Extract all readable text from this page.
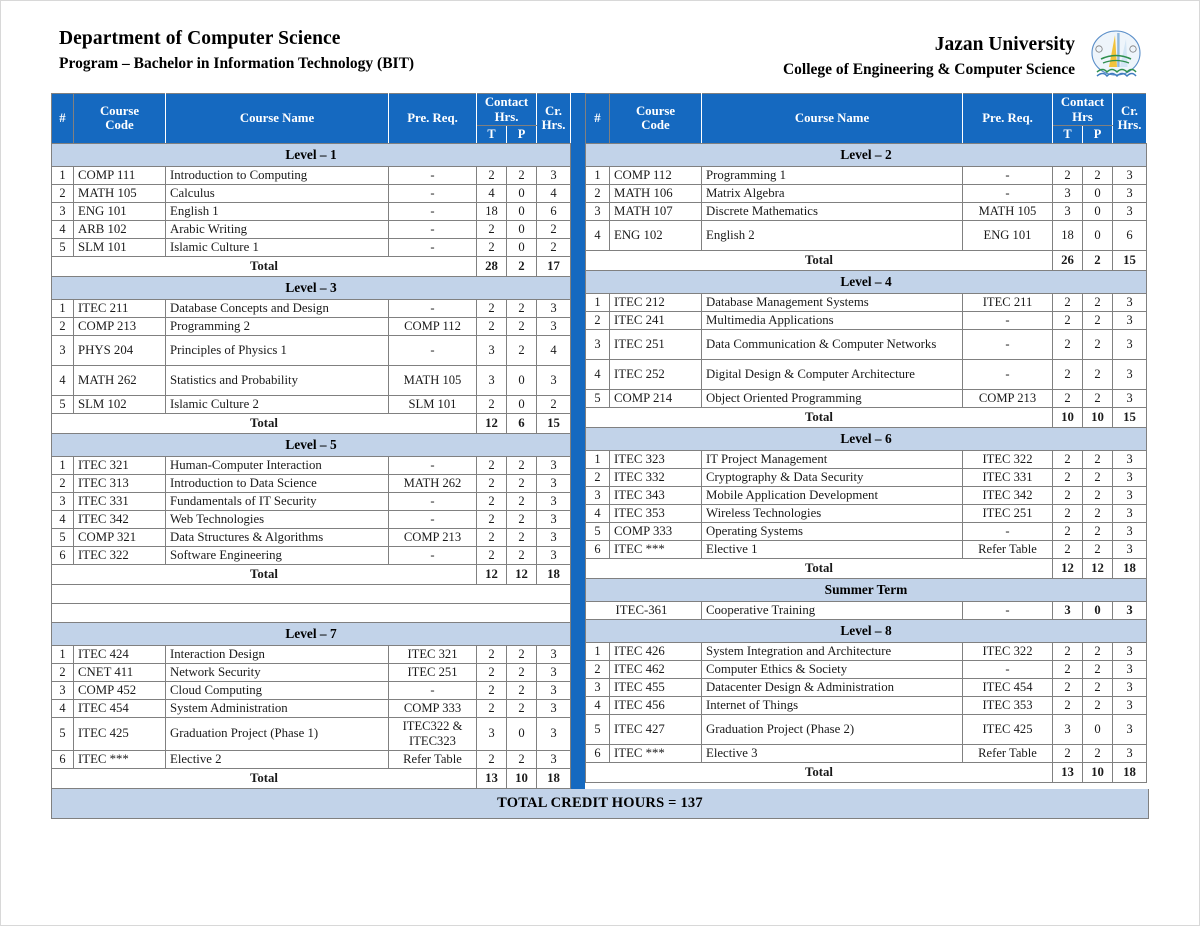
Department of Computer Science
Program – Bachelor in Information Technology (BIT)
Jazan University
College of Engineering & Computer Science
#	Course
Code	Course Name	Pre. Req.	Contact
Hrs.		Cr.
Hrs.
				T	P	
Level – 1						
1	COMP 111	Introduction to Computing	-	2	2	3
2	MATH 105	Calculus	-	4	0	4
3	ENG 101	English 1	-	18	0	6
4	ARB 102	Arabic Writing	-	2	0	2
5	SLM 101	Islamic Culture 1	-	2	0	2
Total				28	2	17
Level – 3						
1	ITEC 211	Database Concepts and Design	-	2	2	3
2	COMP 213	Programming 2	COMP 112	2	2	3
3	PHYS 204	Principles of Physics 1	-	3	2	4
4	MATH 262	Statistics and Probability	MATH 105	3	0	3
5	SLM 102	Islamic Culture 2	SLM 101	2	0	2
Total				12	6	15
Level – 5						
1	ITEC 321	Human-Computer Interaction	-	2	2	3
2	ITEC 313	Introduction to Data Science	MATH 262	2	2	3
3	ITEC 331	Fundamentals of IT Security	-	2	2	3
4	ITEC 342	Web Technologies	-	2	2	3
5	COMP 321	Data Structures & Algorithms	COMP 213	2	2	3
6	ITEC 322	Software Engineering	-	2	2	3
Total				12	12	18

Level – 7						
1	ITEC 424	Interaction Design	ITEC 321	2	2	3
2	CNET 411	Network Security	ITEC 251	2	2	3
3	COMP 452	Cloud Computing	-	2	2	3
4	ITEC 454	System Administration	COMP 333	2	2	3
5	ITEC 425	Graduation Project (Phase 1)	ITEC322 & ITEC323	3	0	3
6	ITEC ***	Elective 2	Refer Table	2	2	3
Total				13	10	18
#	Course
Code	Course Name	Pre. Req.	Contact
Hrs		Cr.
Hrs.
				T	P	
Level – 2						
1	COMP 112	Programming 1	-	2	2	3
2	MATH 106	Matrix Algebra	-	3	0	3
3	MATH 107	Discrete Mathematics	MATH 105	3	0	3
4	ENG 102	English 2	ENG 101	18	0	6
Total				26	2	15
Level – 4						
1	ITEC 212	Database Management Systems	ITEC 211	2	2	3
2	ITEC 241	Multimedia Applications	-	2	2	3
3	ITEC 251	Data Communication & Computer Networks	-	2	2	3
4	ITEC 252	Digital Design & Computer Architecture	-	2	2	3
5	COMP 214	Object Oriented Programming	COMP 213	2	2	3
Total				10	10	15
Level – 6						
1	ITEC 323	IT Project Management	ITEC 322	2	2	3
2	ITEC 332	Cryptography & Data Security	ITEC 331	2	2	3
3	ITEC 343	Mobile Application Development	ITEC 342	2	2	3
4	ITEC 353	Wireless Technologies	ITEC 251	2	2	3
5	COMP 333	Operating Systems	-	2	2	3
6	ITEC ***	Elective 1	Refer Table	2	2	3
Total				12	12	18
Summer Term						
ITEC-361		Cooperative Training	-	3	0	3
Level – 8						
1	ITEC 426	System Integration and Architecture	ITEC 322	2	2	3
2	ITEC 462	Computer Ethics & Society	-	2	2	3
3	ITEC 455	Datacenter Design & Administration	ITEC 454	2	2	3
4	ITEC 456	Internet of Things	ITEC 353	2	2	3
5	ITEC 427	Graduation Project (Phase 2)	ITEC 425	3	0	3
6	ITEC ***	Elective 3	Refer Table	2	2	3
Total				13	10	18
TOTAL CREDIT HOURS = 137
